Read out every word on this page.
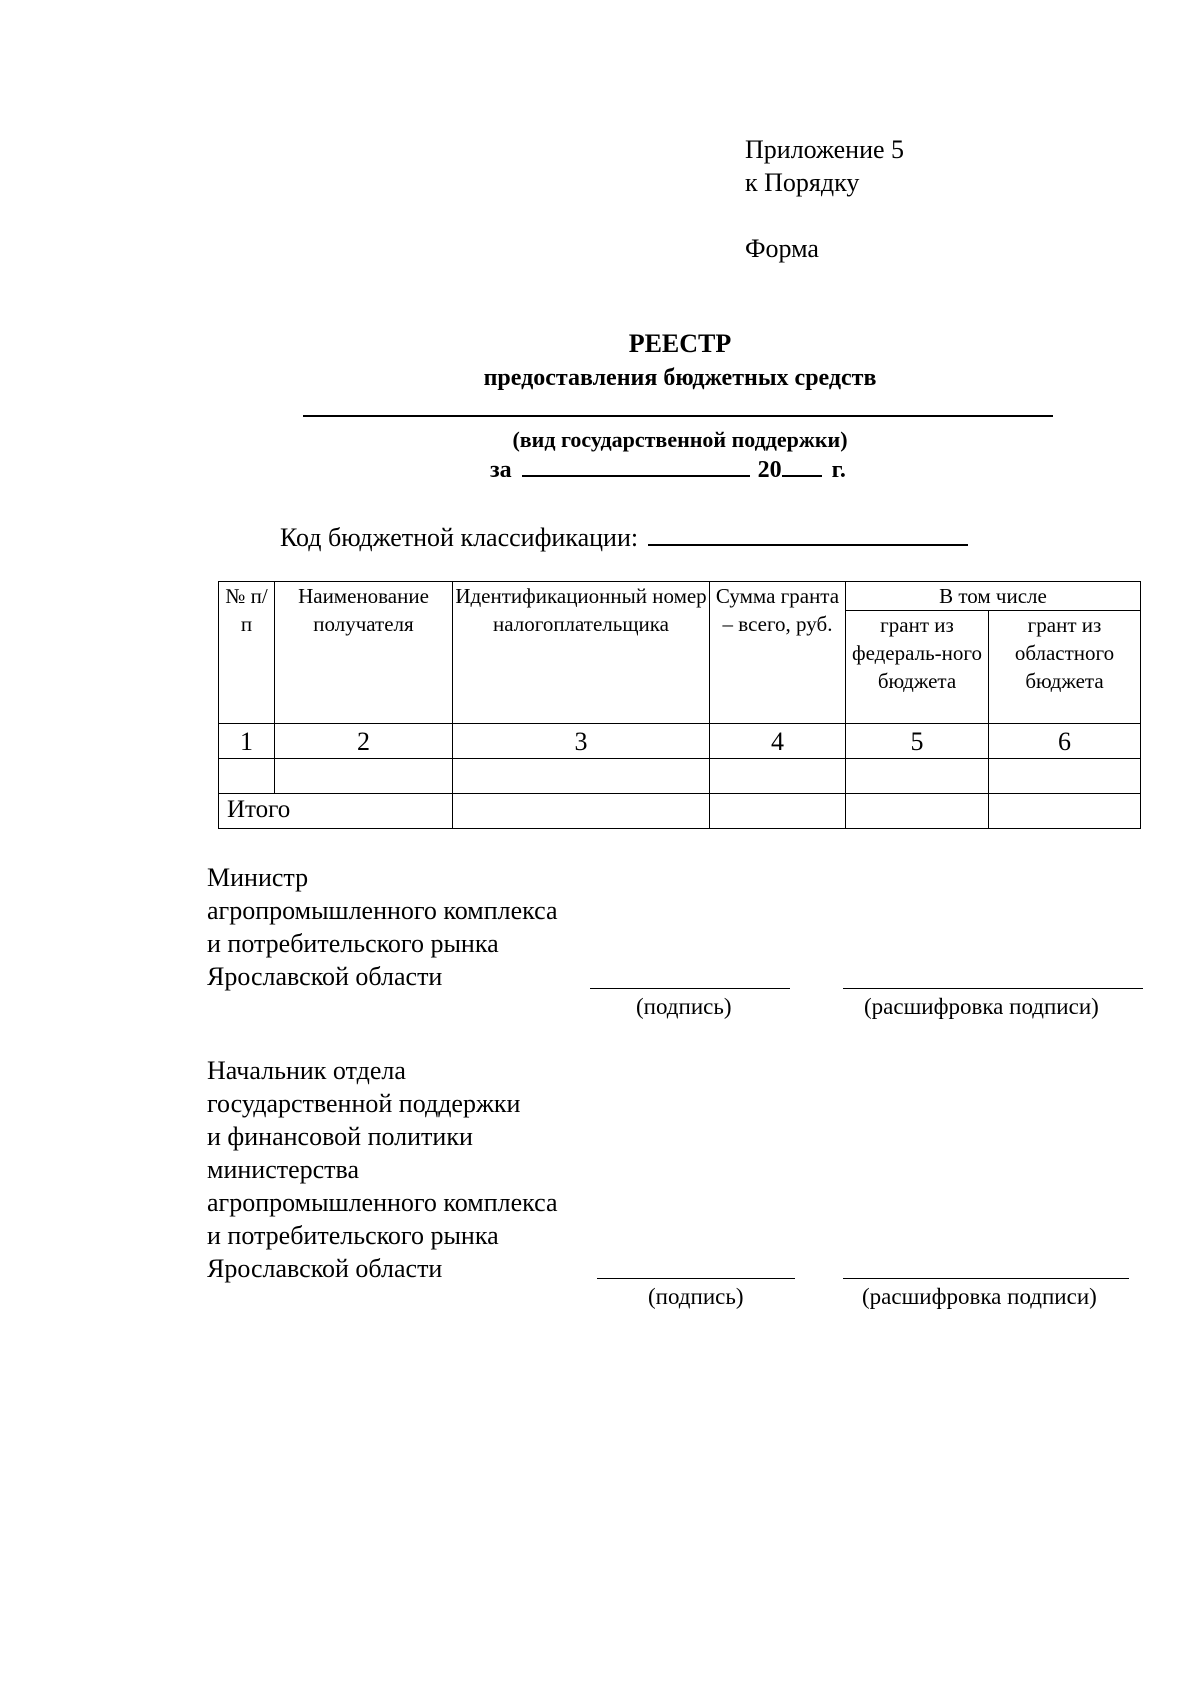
Приложение 5
к Порядку
Форма
РЕЕСТР
предоставления бюджетных средств
(вид государственной поддержки)
за	20 г.
Код бюджетной классификации:
№ п/п	Наименование получателя	Идентификационный номер налогоплательщика	Сумма гранта – всего, руб.	В том числе	
				грант из федераль-ного бюджета	грант из областного бюджета
1	2	3	4	5	6

Итого					
Министр
агропромышленного комплекса
и потребительского рынка
Ярославской области
(подпись)	(расшифровка подписи)
Начальник отдела
государственной поддержки
и финансовой политики
министерства
агропромышленного комплекса
и потребительского рынка
Ярославской области
(подпись)	(расшифровка подписи)
